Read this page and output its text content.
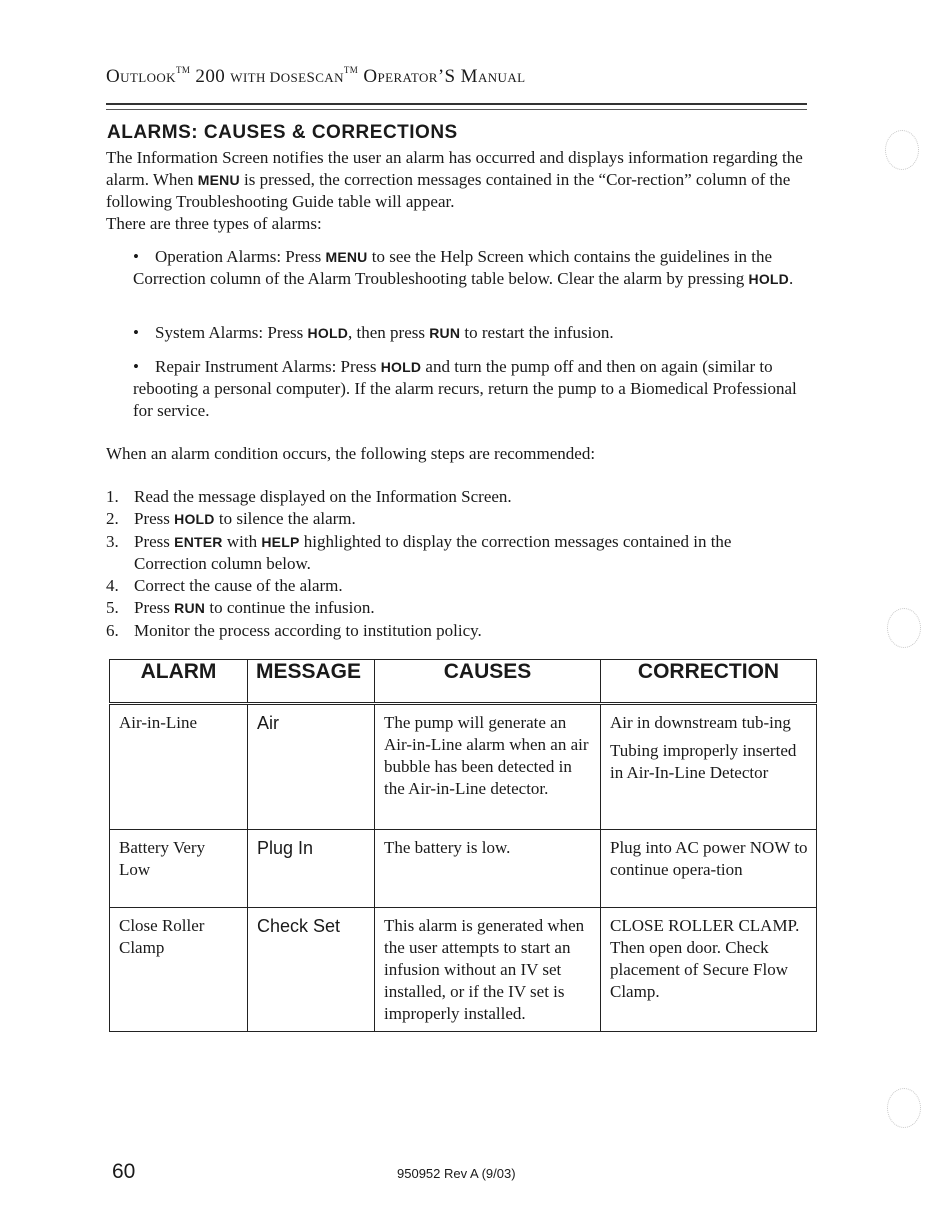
OUTLOOK™ 200 WITH DOSESCAN™ OPERATOR’S MANUAL
ALARMS: CAUSES & CORRECTIONS
The Information Screen notifies the user an alarm has occurred and displays information regarding the alarm. When MENU is pressed, the correction messages contained in the “Cor-rection” column of the following Troubleshooting Guide table will appear.
There are three types of alarms:
• Operation Alarms: Press MENU to see the Help Screen which contains the guidelines in the Correction column of the Alarm Troubleshooting table below. Clear the alarm by pressing HOLD.
• System Alarms: Press HOLD, then press RUN to restart the infusion.
• Repair Instrument Alarms: Press HOLD and turn the pump off and then on again (similar to rebooting a personal computer). If the alarm recurs, return the pump to a Biomedical Professional for service.
When an alarm condition occurs, the following steps are recommended:
1. Read the message displayed on the Information Screen.
2. Press HOLD to silence the alarm.
3. Press ENTER with HELP highlighted to display the correction messages contained in the Correction column below.
4. Correct the cause of the alarm.
5. Press RUN to continue the infusion.
6. Monitor the process according to institution policy.
ALARM	MESSAGE	CAUSES	CORRECTION
Air-in-Line	Air	The pump will generate an Air-in-Line alarm when an air bubble has been detected in the Air-in-Line detector.	Air in downstream tub-ing
Tubing improperly inserted in Air-In-Line Detector

Battery Very Low	Plug In	The battery is low.	Plug into AC power NOW to continue opera-tion

Close Roller Clamp	Check Set	This alarm is generated when the user attempts to start an infusion without an IV set installed, or if the IV set is improperly installed.	CLOSE ROLLER CLAMP. Then open door. Check placement of Secure Flow Clamp.
60	950952 Rev A (9/03)
